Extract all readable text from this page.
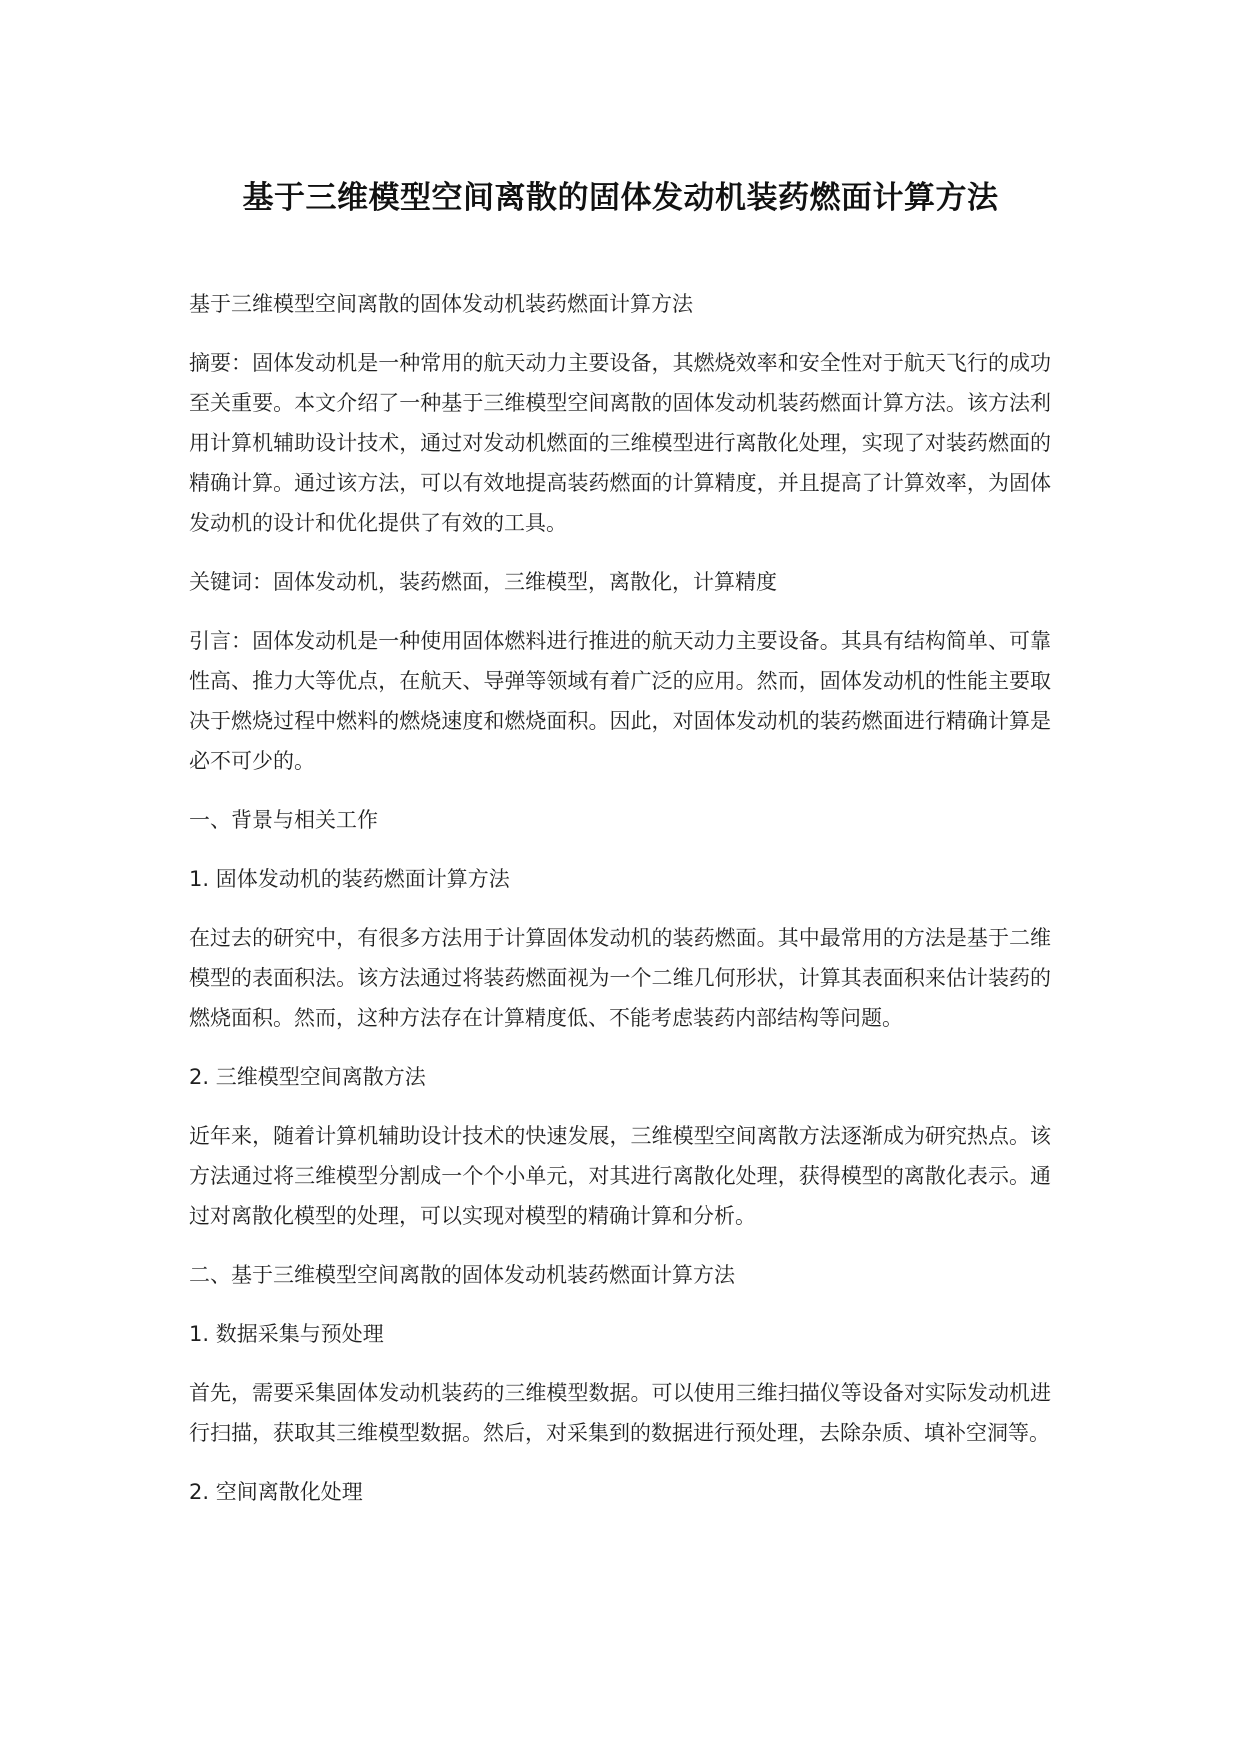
基于三维模型空间离散的固体发动机装药燃面计算方法

基于三维模型空间离散的固体发动机装药燃面计算方法

摘要：固体发动机是一种常用的航天动力主要设备，其燃烧效率和安全性对于航天飞行的成功至关重要。本文介绍了一种基于三维模型空间离散的固体发动机装药燃面计算方法。该方法利用计算机辅助设计技术，通过对发动机燃面的三维模型进行离散化处理，实现了对装药燃面的精确计算。通过该方法，可以有效地提高装药燃面的计算精度，并且提高了计算效率，为固体发动机的设计和优化提供了有效的工具。

关键词：固体发动机，装药燃面，三维模型，离散化，计算精度

引言：固体发动机是一种使用固体燃料进行推进的航天动力主要设备。其具有结构简单、可靠性高、推力大等优点，在航天、导弹等领域有着广泛的应用。然而，固体发动机的性能主要取决于燃烧过程中燃料的燃烧速度和燃烧面积。因此，对固体发动机的装药燃面进行精确计算是必不可少的。

一、背景与相关工作

1. 固体发动机的装药燃面计算方法

在过去的研究中，有很多方法用于计算固体发动机的装药燃面。其中最常用的方法是基于二维模型的表面积法。该方法通过将装药燃面视为一个二维几何形状，计算其表面积来估计装药的燃烧面积。然而，这种方法存在计算精度低、不能考虑装药内部结构等问题。

2. 三维模型空间离散方法

近年来，随着计算机辅助设计技术的快速发展，三维模型空间离散方法逐渐成为研究热点。该方法通过将三维模型分割成一个个小单元，对其进行离散化处理，获得模型的离散化表示。通过对离散化模型的处理，可以实现对模型的精确计算和分析。

二、基于三维模型空间离散的固体发动机装药燃面计算方法

1. 数据采集与预处理

首先，需要采集固体发动机装药的三维模型数据。可以使用三维扫描仪等设备对实际发动机进行扫描，获取其三维模型数据。然后，对采集到的数据进行预处理，去除杂质、填补空洞等。

2. 空间离散化处理
